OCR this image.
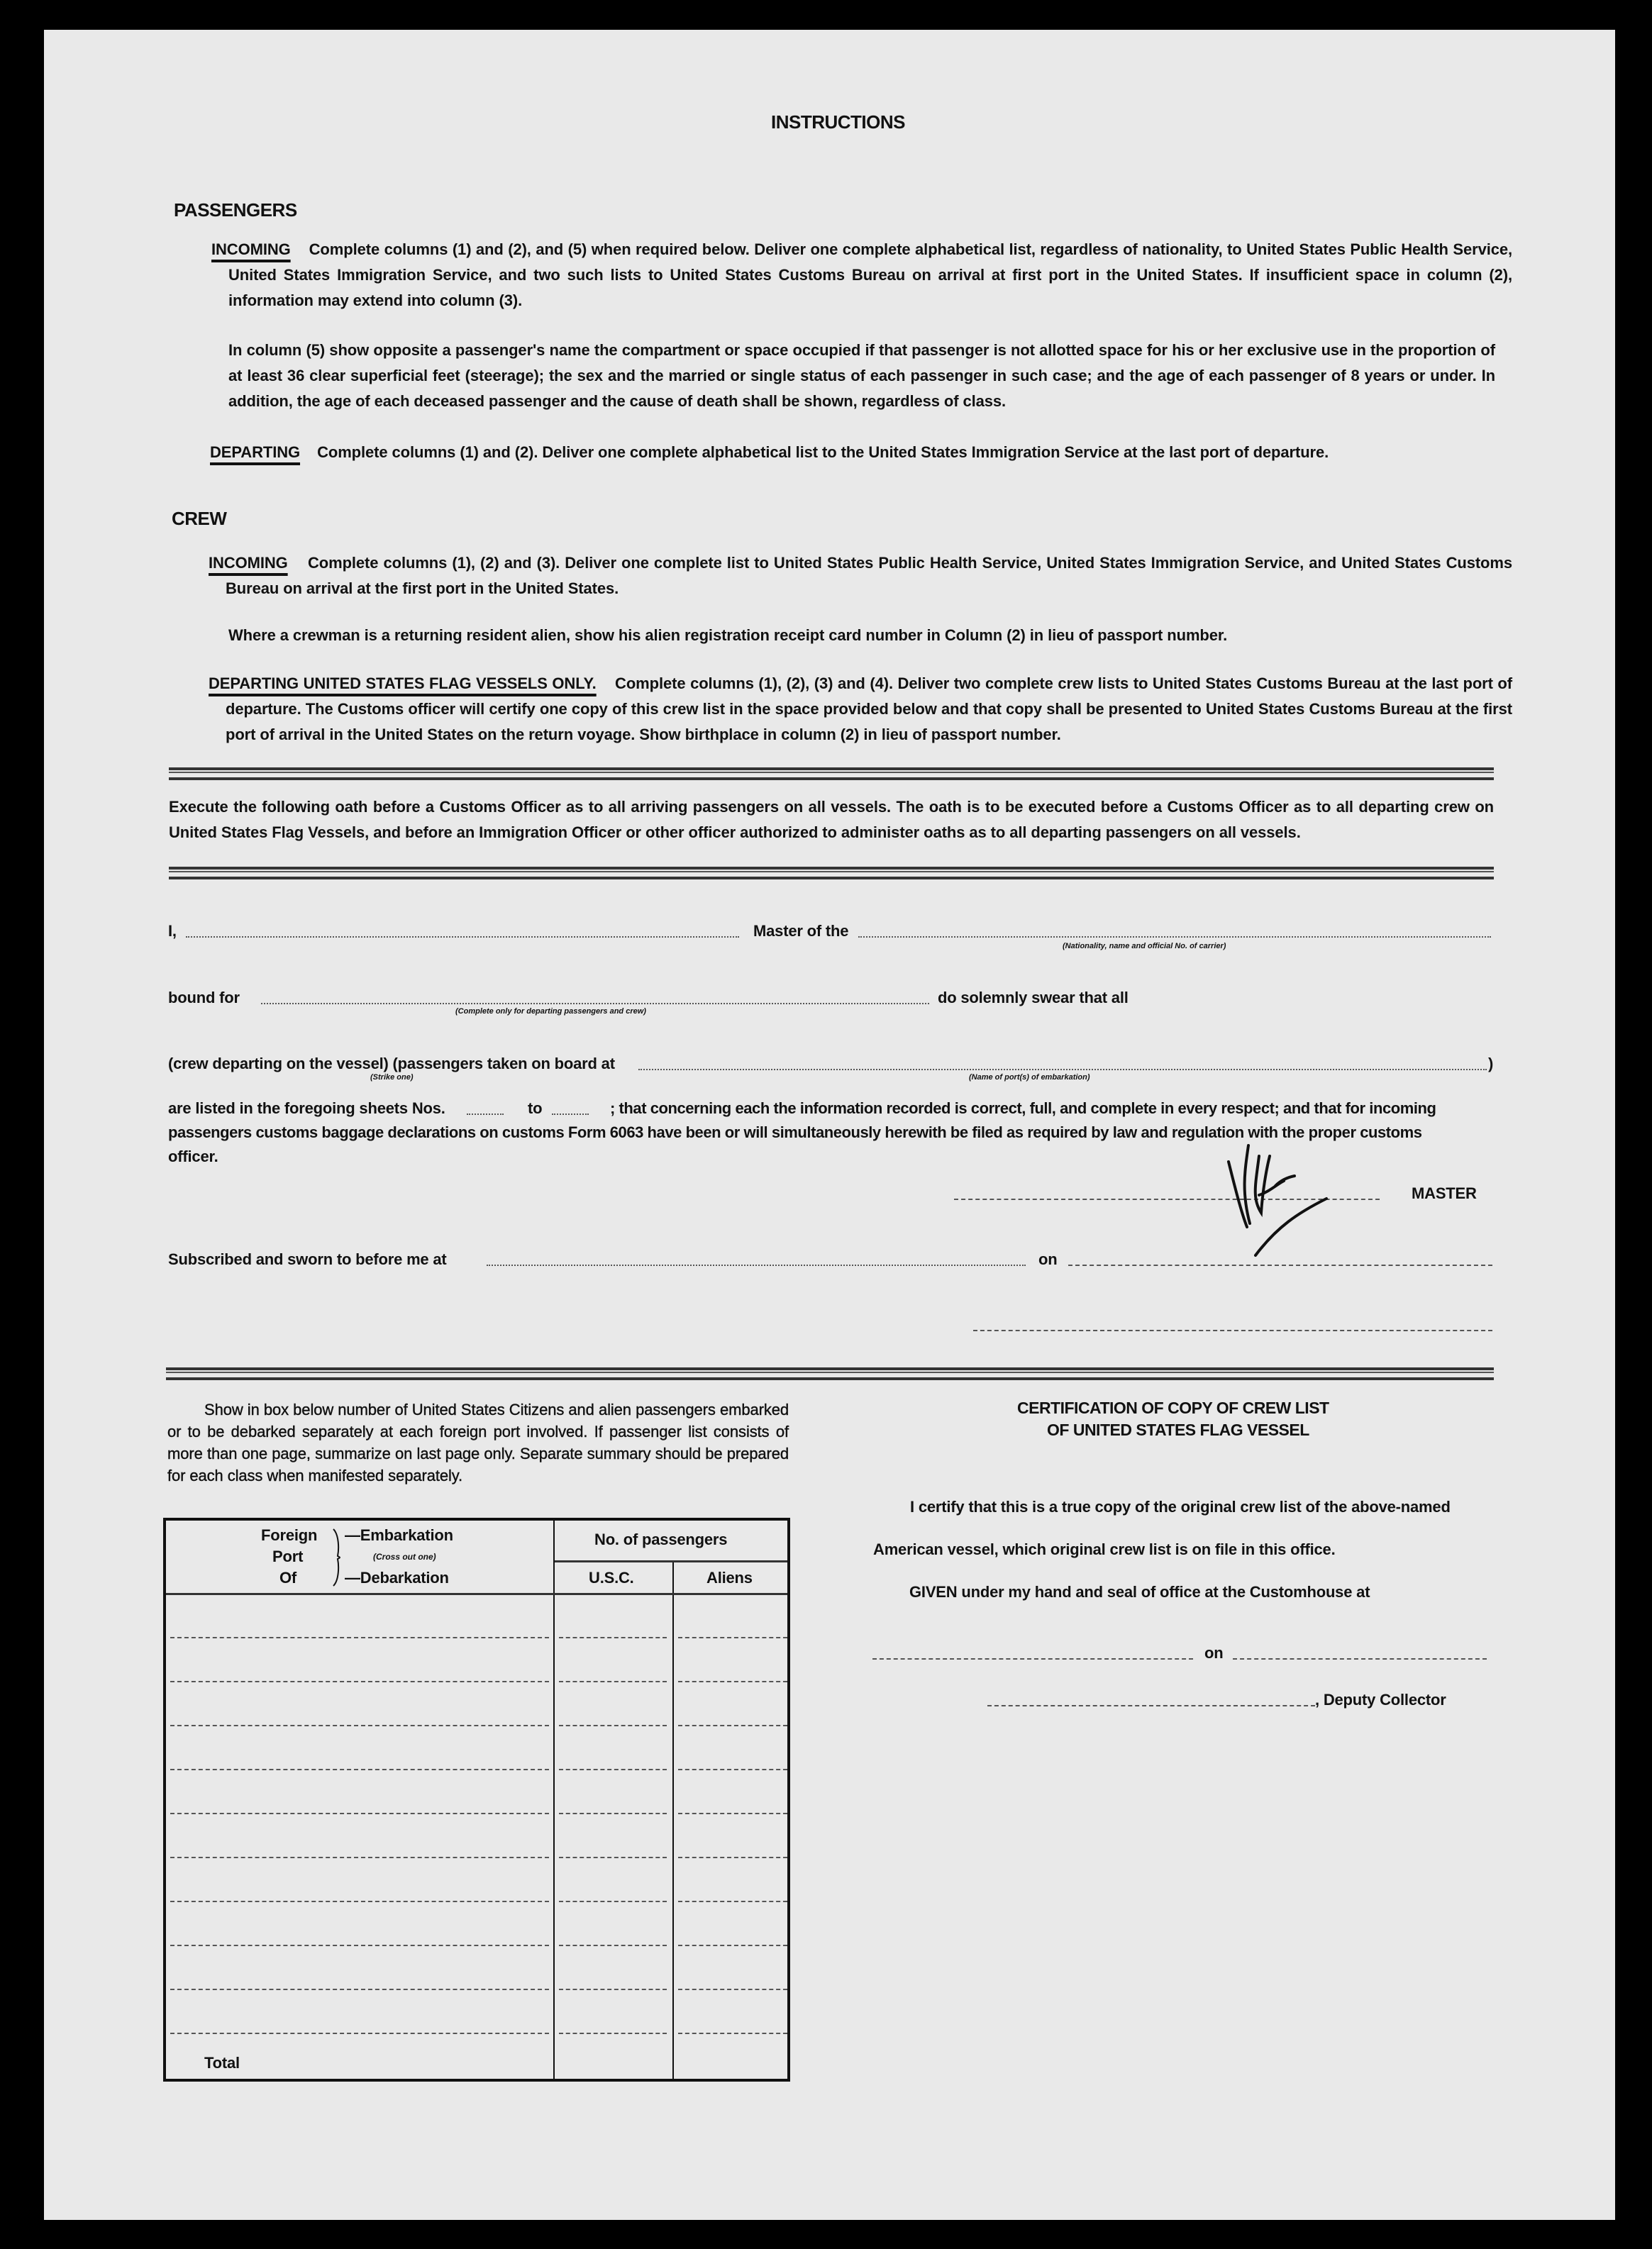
INSTRUCTIONS
PASSENGERS
INCOMING Complete columns (1) and (2), and (5) when required below. Deliver one complete alphabetical list, regardless of nationality, to United States Public Health Service, United States Immigration Service, and two such lists to United States Customs Bureau on arrival at first port in the United States. If insufficient space in column (2), information may extend into column (3).
In column (5) show opposite a passenger's name the compartment or space occupied if that passenger is not allotted space for his or her exclusive use in the proportion of at least 36 clear superficial feet (steerage); the sex and the married or single status of each passenger in such case; and the age of each passenger of 8 years or under. In addition, the age of each deceased passenger and the cause of death shall be shown, regardless of class.
DEPARTING Complete columns (1) and (2). Deliver one complete alphabetical list to the United States Immigration Service at the last port of departure.
CREW
INCOMING Complete columns (1), (2) and (3). Deliver one complete list to United States Public Health Service, United States Immigration Service, and United States Customs Bureau on arrival at the first port in the United States.
Where a crewman is a returning resident alien, show his alien registration receipt card number in Column (2) in lieu of passport number.
DEPARTING UNITED STATES FLAG VESSELS ONLY. Complete columns (1), (2), (3) and (4). Deliver two complete crew lists to United States Customs Bureau at the last port of departure. The Customs officer will certify one copy of this crew list in the space provided below and that copy shall be presented to United States Customs Bureau at the first port of arrival in the United States on the return voyage. Show birthplace in column (2) in lieu of passport number.
Execute the following oath before a Customs Officer as to all arriving passengers on all vessels. The oath is to be executed before a Customs Officer as to all departing crew on United States Flag Vessels, and before an Immigration Officer or other officer authorized to administer oaths as to all departing passengers on all vessels.
I,	Master of the
(Nationality, name and official No. of carrier)
bound for	do solemnly swear that all
(Complete only for departing passengers and crew)
(crew departing on the vessel) (passengers taken on board at	)
(Strike one)	(Name of port(s) of embarkation)
are listed in the foregoing sheets Nos.	to	; that concerning each the information recorded is correct, full, and complete in every respect; and that for incoming
passengers customs baggage declarations on customs Form 6063 have been or will simultaneously herewith be filed as required by law and regulation with the proper customs
officer.
MASTER
Subscribed and sworn to before me at	on
Show in box below number of United States Citizens and alien passengers embarked or to be debarked separately at each foreign port involved. If passenger list consists of more than one page, summarize on last page only. Separate summary should be prepared for each class when manifested separately.
Foreign
Port
Of
—Embarkation
(Cross out one)
—Debarkation
No. of passengers
U.S.C.	Aliens
Total
CERTIFICATION OF COPY OF CREW LIST
OF UNITED STATES FLAG VESSEL
I certify that this is a true copy of the original crew list of the above-named
American vessel, which original crew list is on file in this office.
GIVEN under my hand and seal of office at the Customhouse at
on
, Deputy Collector
